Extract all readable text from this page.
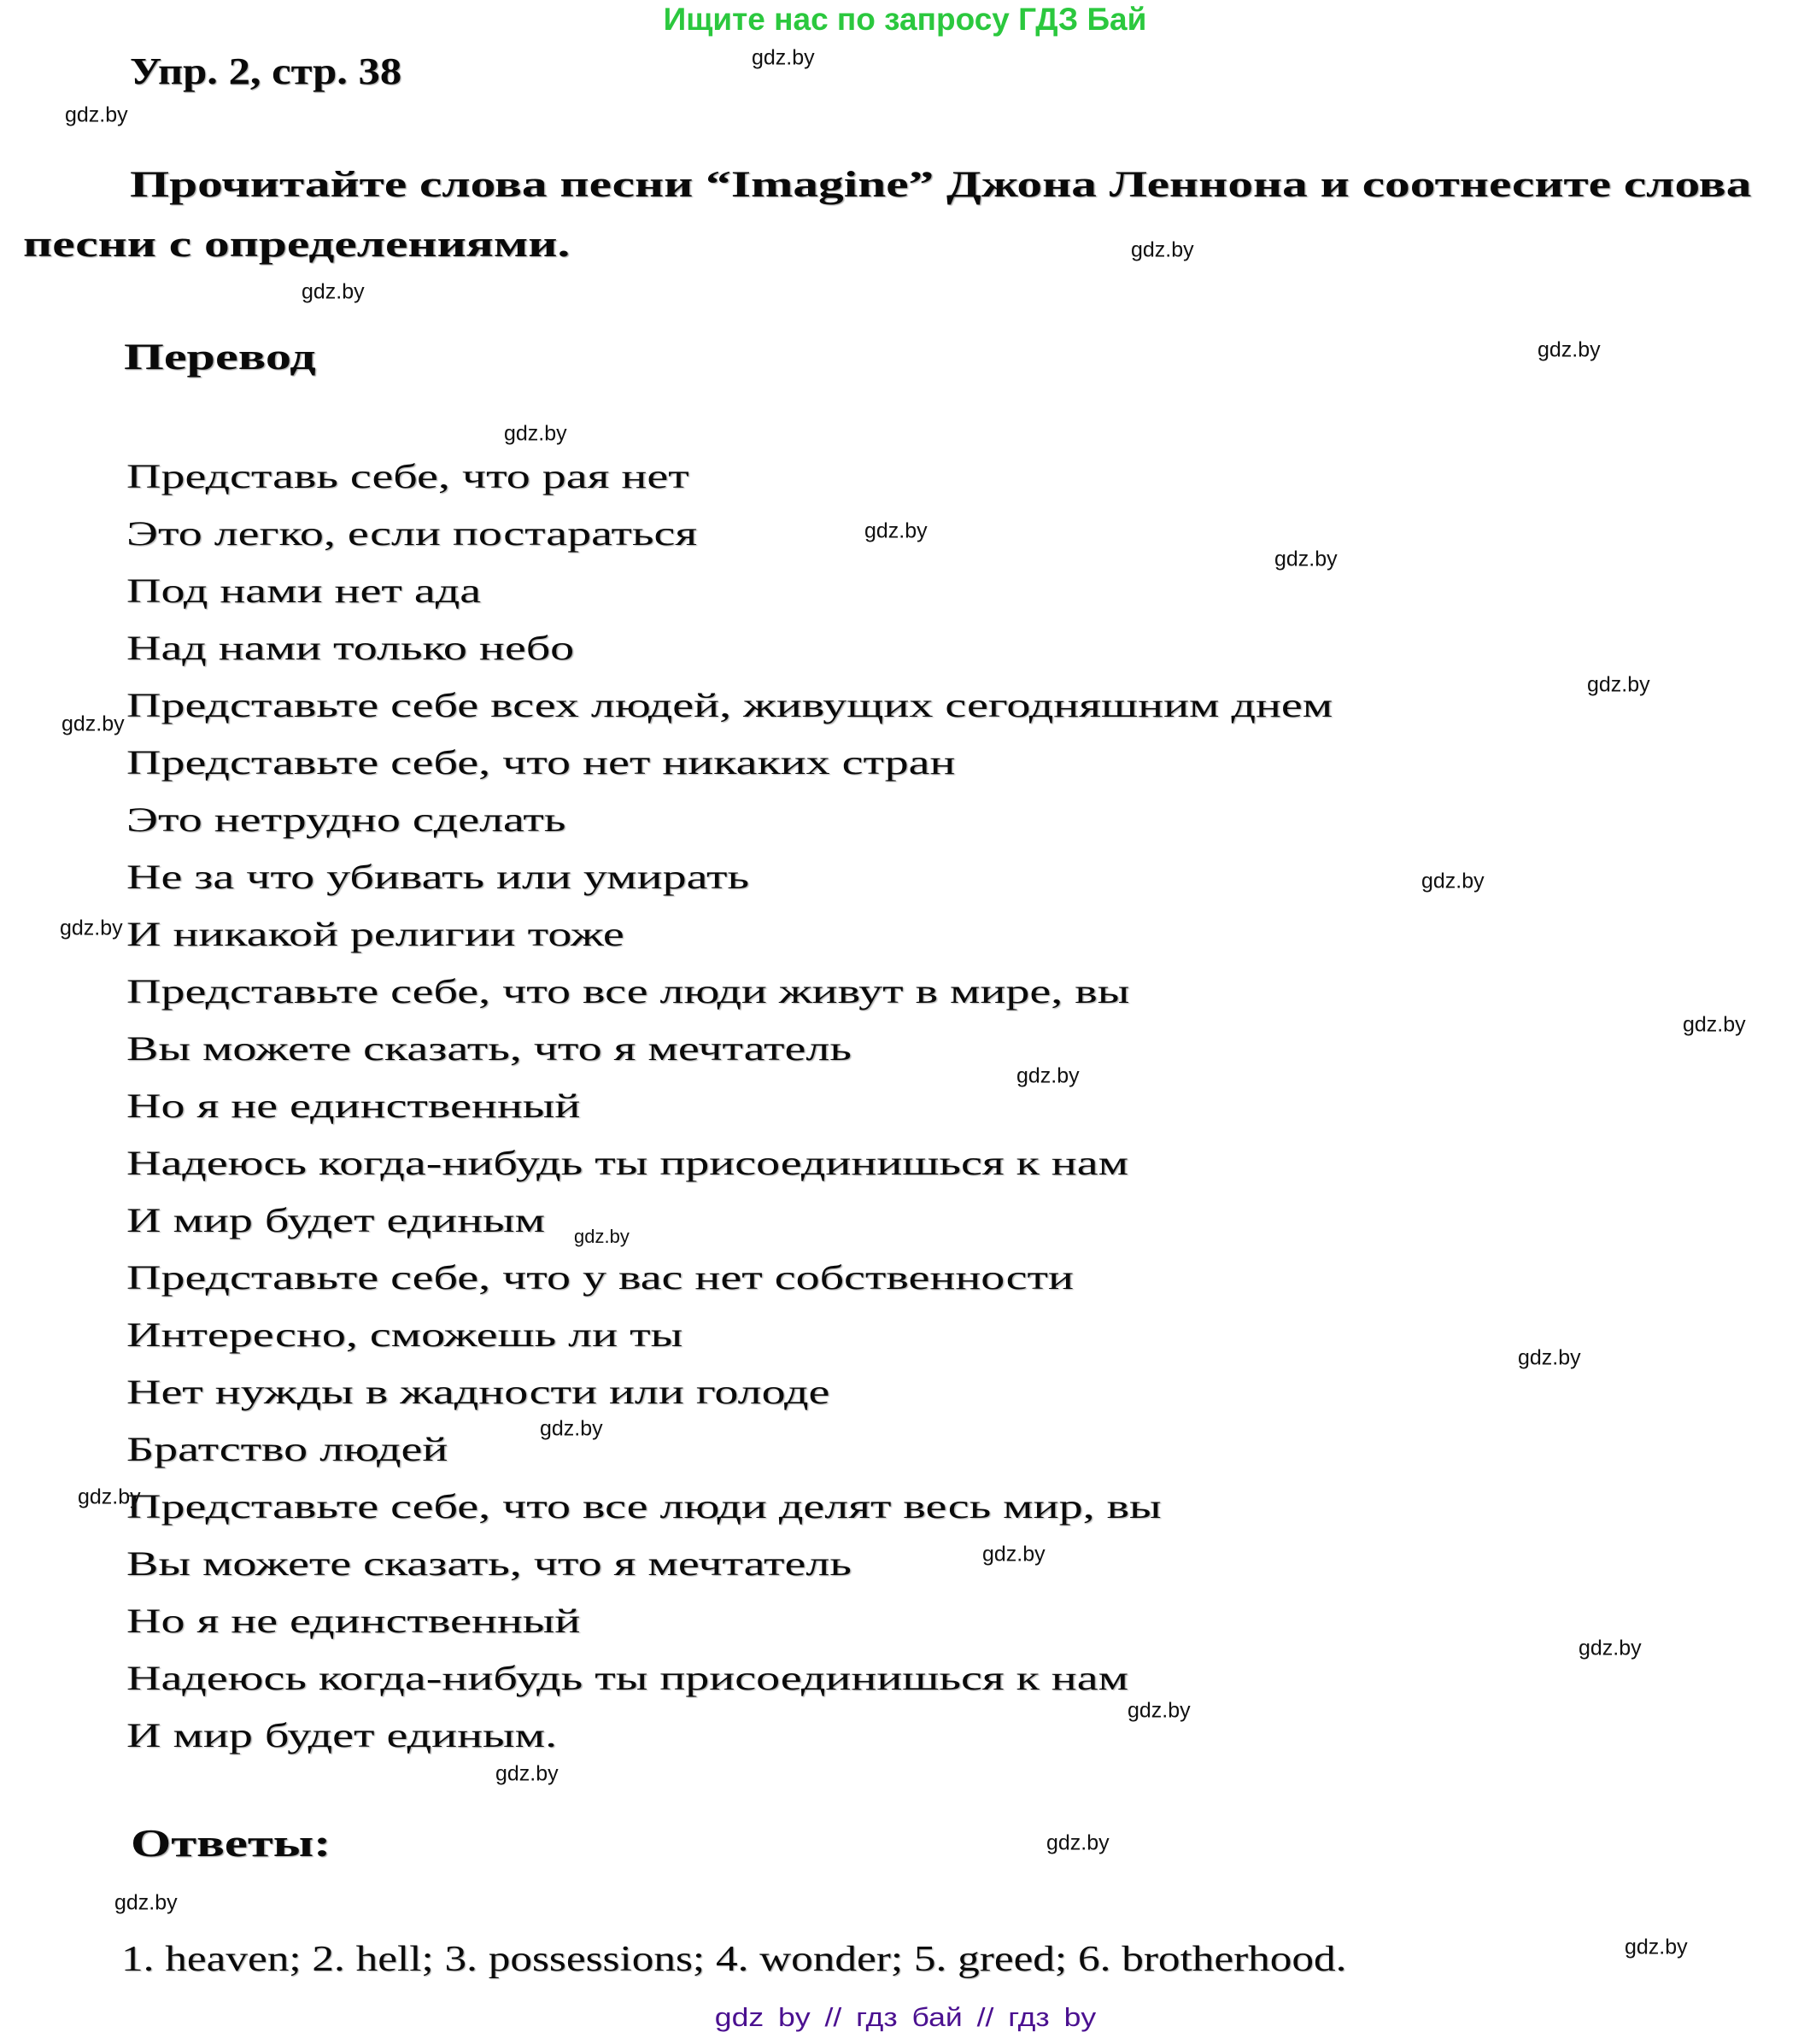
Ищите нас по запросу ГДЗ Бай
Упр. 2, стр. 38
Прочитайте слова песни “Imagine” Джона Леннона и соотнесите слова
песни с определениями.
Перевод
Представь себе, что рая нет
Это легко, если постараться
Под нами нет ада
Над нами только небо
Представьте себе всех людей, живущих сегодняшним днем
Представьте себе, что нет никаких стран
Это нетрудно сделать
Не за что убивать или умирать
И никакой религии тоже
Представьте себе, что все люди живут в мире, вы
Вы можете сказать, что я мечтатель
Но я не единственный
Надеюсь когда-нибудь ты присоединишься к нам
И мир будет единым
Представьте себе, что у вас нет собственности
Интересно, сможешь ли ты
Нет нужды в жадности или голоде
Братство людей
Представьте себе, что все люди делят весь мир, вы
Вы можете сказать, что я мечтатель
Но я не единственный
Надеюсь когда-нибудь ты присоединишься к нам
И мир будет единым.
Ответы:
1. heaven; 2. hell; 3. possessions; 4. wonder; 5. greed; 6. brotherhood.
gdz by // гдз бай // гдз by
gdz.by
gdz.by
gdz.by
gdz.by
gdz.by
gdz.by
gdz.by
gdz.by
gdz.by
gdz.by
gdz.by
gdz.by
gdz.by
gdz.by
gdz.by
gdz.by
gdz.by
gdz.by
gdz.by
gdz.by
gdz.by
gdz.by
gdz.by
gdz.by
gdz.by
